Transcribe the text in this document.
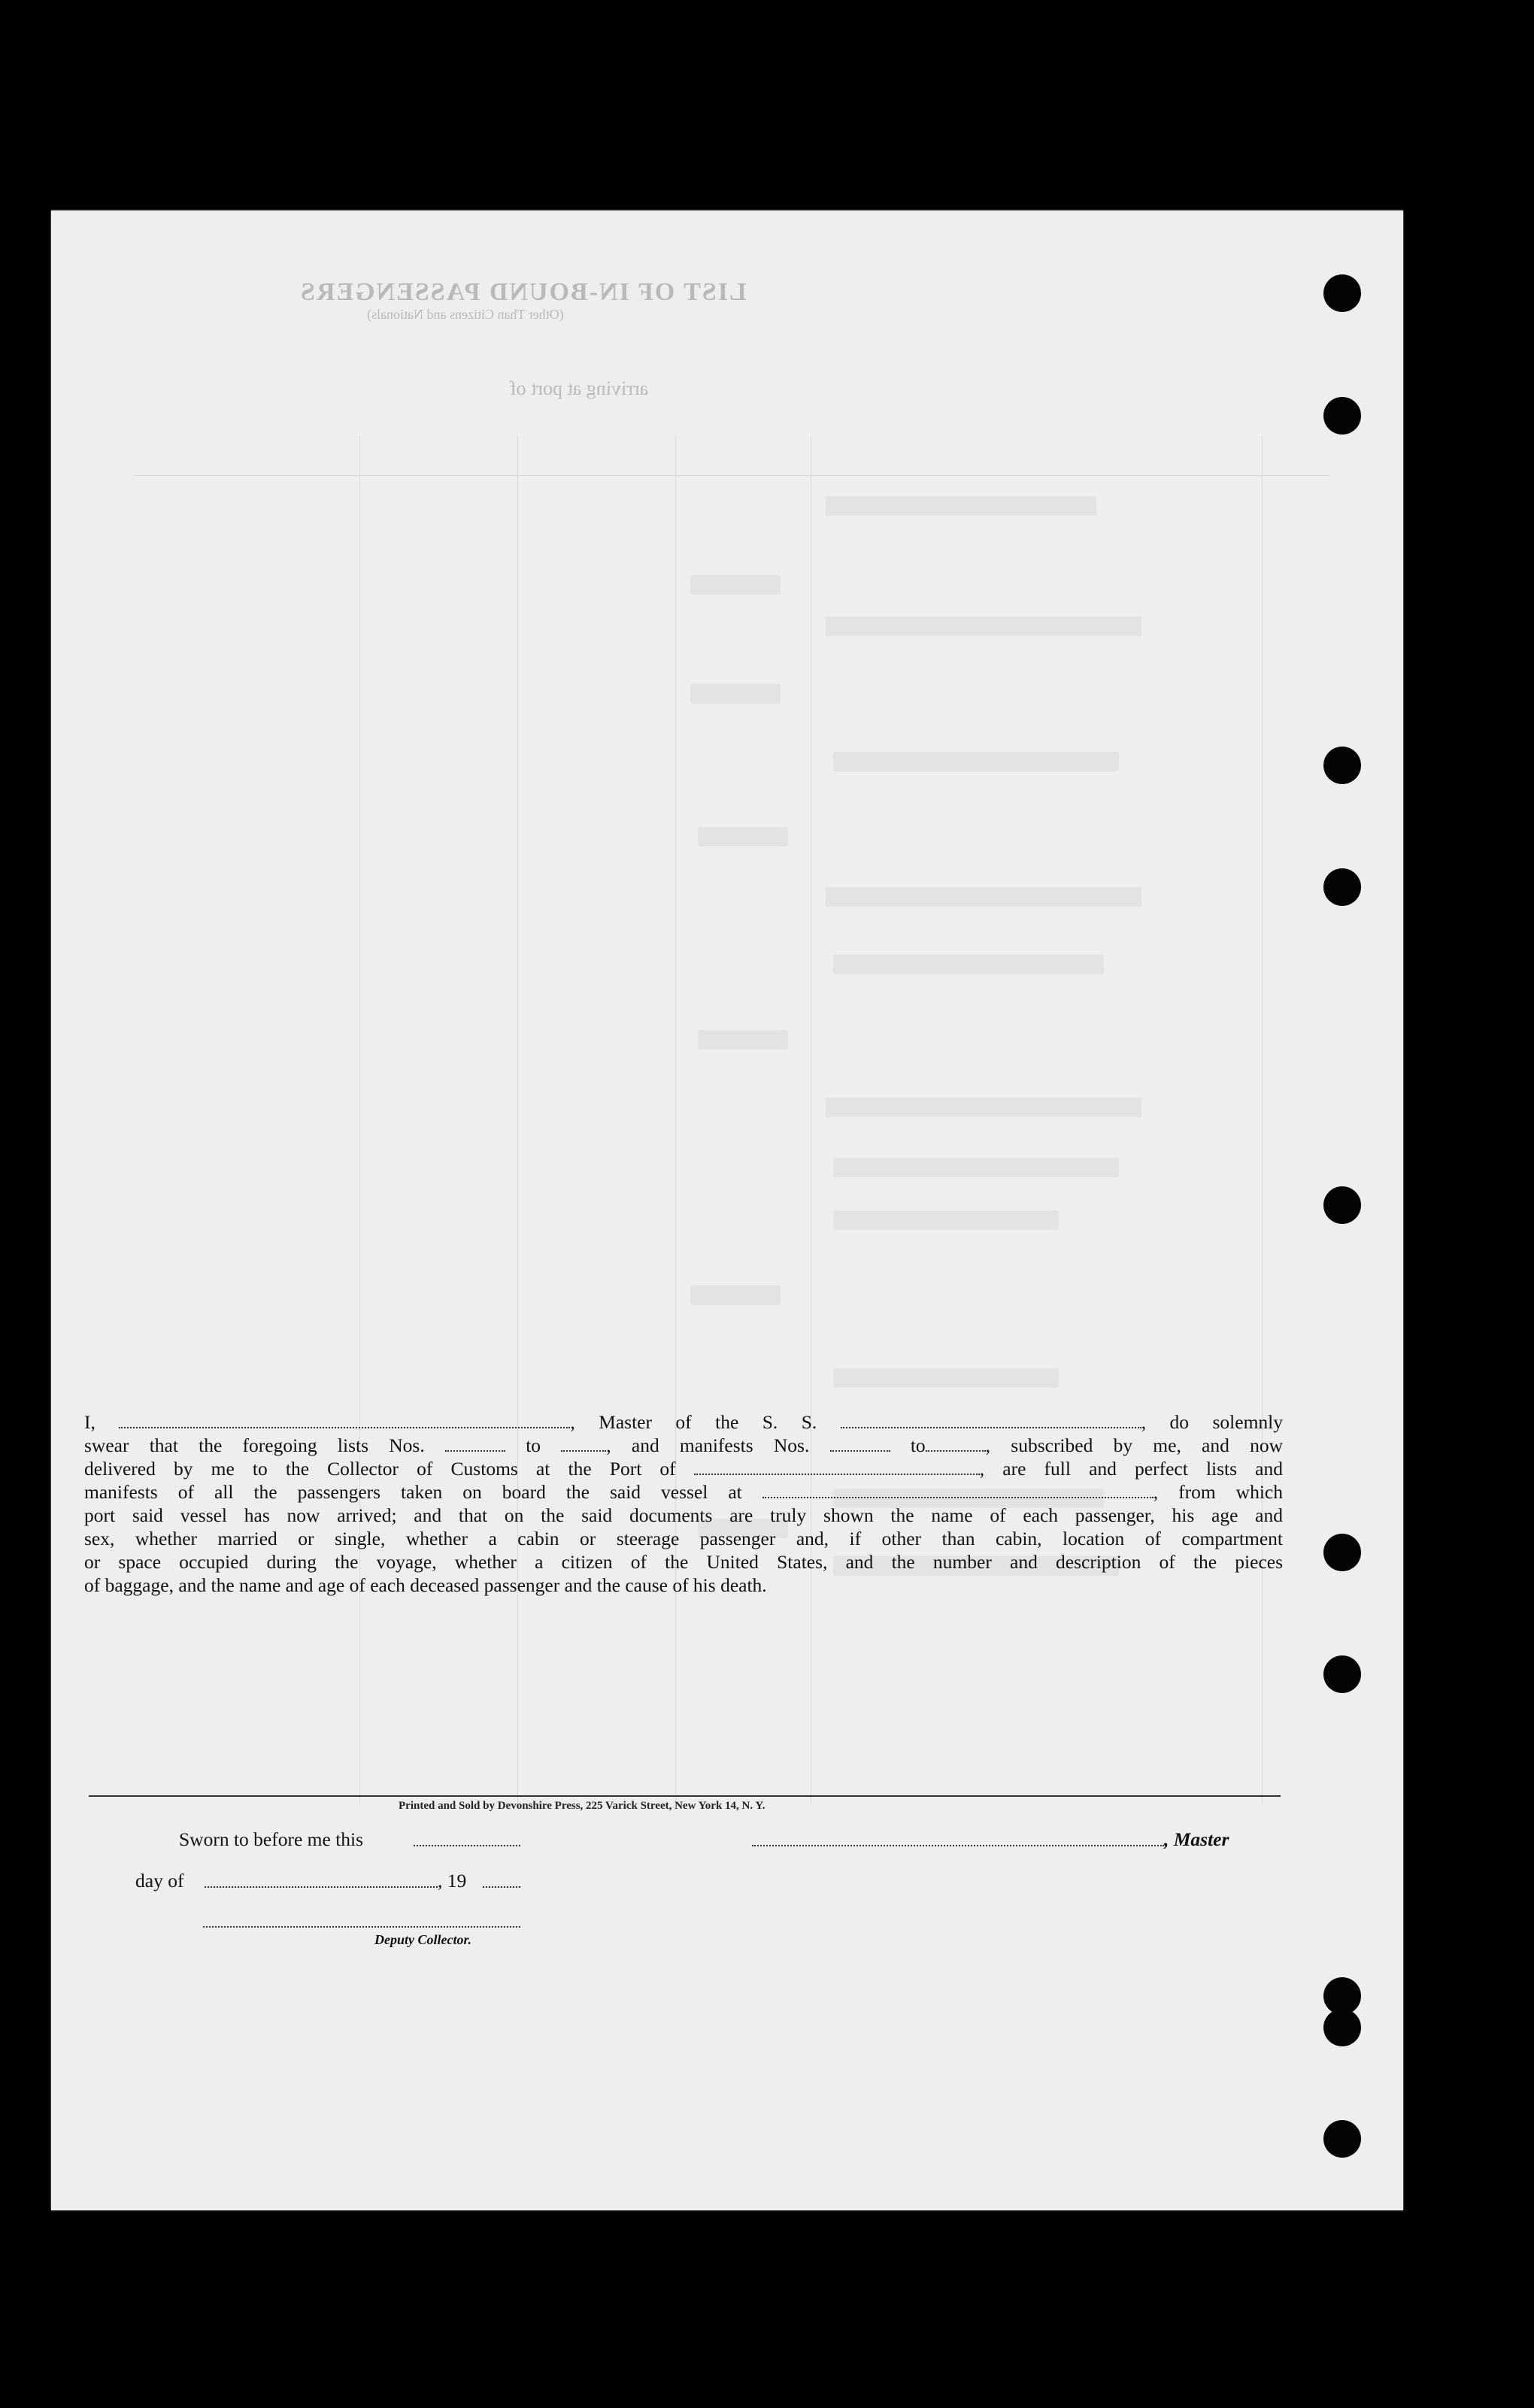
LIST OF IN-BOUND PASSENGERS
(Other Than Citizens and Nationals)
arriving at port of
I,	, Master of the S. S.	, do solemnly
swear that the foregoing lists Nos.	to	, and manifests Nos.	to	, subscribed by me, and now
delivered by me to the Collector of Customs at the Port of	, are full and perfect lists and
manifests of all the passengers taken on board the said vessel at	, from which
port said vessel has now arrived; and that on the said documents are truly shown the name of each passenger, his age and
sex, whether married or single, whether a cabin or steerage passenger and, if other than cabin, location of compartment
or space occupied during the voyage, whether a citizen of the United States, and the number and description of the pieces
of baggage, and the name and age of each deceased passenger and the cause of his death.
Sworn to before me this	, Master
day of	, 19
Deputy Collector.
Printed and Sold by Devonshire Press, 225 Varick Street, New York 14, N. Y.
